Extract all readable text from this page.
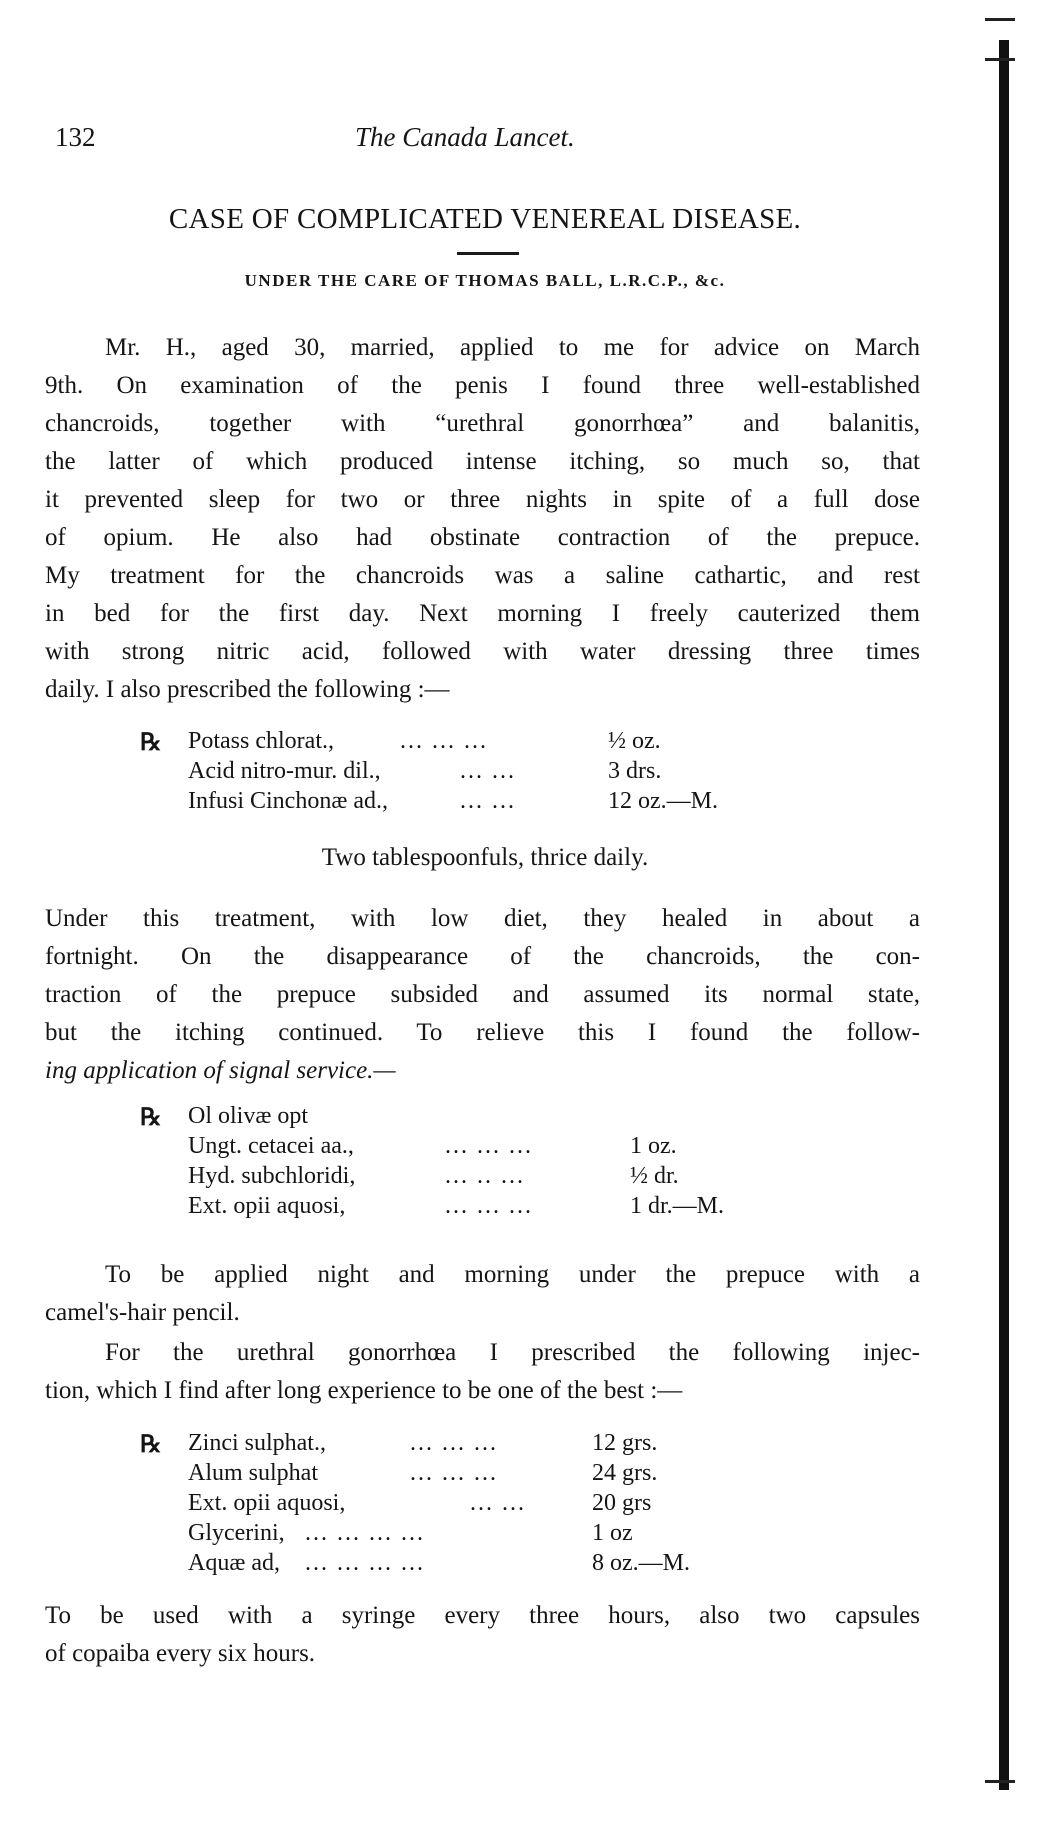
132	The Canada Lancet.
CASE OF COMPLICATED VENEREAL DISEASE.
UNDER THE CARE OF THOMAS BALL, L.R.C.P., &c.

Mr. H., aged 30, married, applied to me for advice on March
9th. On examination of the penis I found three well-established
chancroids, together with “urethral gonorrhœa” and balanitis,
the latter of which produced intense itching, so much so, that
it prevented sleep for two or three nights in spite of a full dose
of opium. He also had obstinate contraction of the prepuce.
My treatment for the chancroids was a saline cathartic, and rest
in bed for the first day. Next morning I freely cauterized them
with strong nitric acid, followed with water dressing three times
daily. I also prescribed the following :—

℞ Potass chlorat.,	... ... ...	½ oz.
Acid nitro-mur. dil.,	... ...	3 drs.
Infusi Cinchonæ ad.,	... ...	12 oz.—M.
Two tablespoonfuls, thrice daily.

Under this treatment, with low diet, they healed in about a
fortnight. On the disappearance of the chancroids, the con-
traction of the prepuce subsided and assumed its normal state,
but the itching continued. To relieve this I found the follow-
ing application of signal service.—

℞ Ol olivæ opt
Ungt. cetacei aa.,	... ... ...	1 oz.
Hyd. subchloridi,	... .. ...	½ dr.
Ext. opii aquosi,	... ... ...	1 dr.—M.

To be applied night and morning under the prepuce with a
camel's-hair pencil.

For the urethral gonorrhœa I prescribed the following injec-
tion, which I find after long experience to be one of the best :—

℞ Zinci sulphat.,	... ... ...	12 grs.
Alum sulphat	... ... ...	24 grs.
Ext. opii aquosi,	... ...	20 grs
Glycerini, ... ... ... ...	1 oz
Aquæ ad, ... ... ... ...	8 oz.—M.

To be used with a syringe every three hours, also two capsules
of copaiba every six hours.
